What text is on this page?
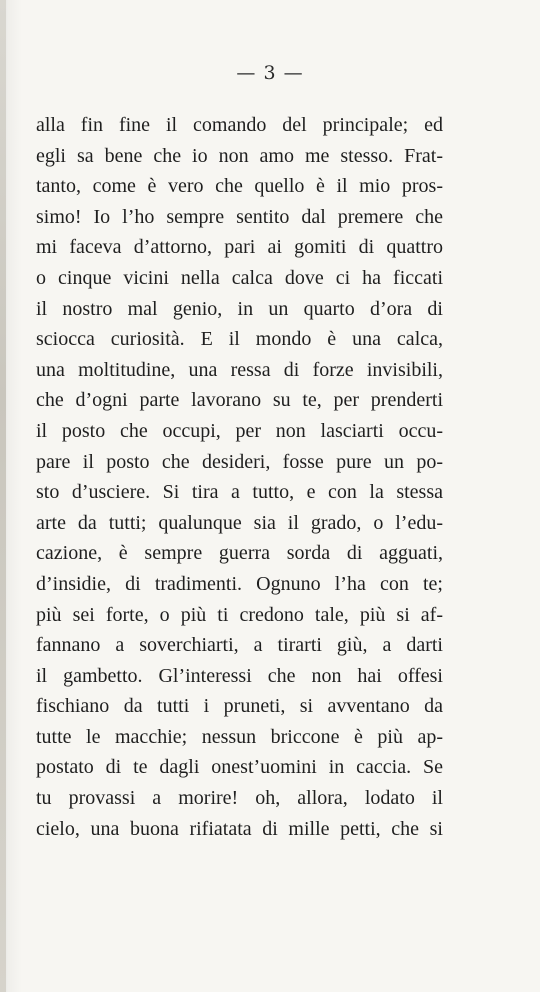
— 3 —
alla fin fine il comando del principale; ed
egli sa bene che io non amo me stesso. Frat-
tanto, come è vero che quello è il mio pros-
simo! Io l’ho sempre sentito dal premere che
mi faceva d’attorno, pari ai gomiti di quattro
o cinque vicini nella calca dove ci ha ficcati
il nostro mal genio, in un quarto d’ora di
sciocca curiosità. E il mondo è una calca,
una moltitudine, una ressa di forze invisibili,
che d’ogni parte lavorano su te, per prenderti
il posto che occupi, per non lasciarti occu-
pare il posto che desideri, fosse pure un po-
sto d’usciere. Si tira a tutto, e con la stessa
arte da tutti; qualunque sia il grado, o l’edu-
cazione, è sempre guerra sorda di agguati,
d’insidie, di tradimenti. Ognuno l’ha con te;
più sei forte, o più ti credono tale, più si af-
fannano a soverchiarti, a tirarti giù, a darti
il gambetto. Gl’interessi che non hai offesi
fischiano da tutti i pruneti, si avventano da
tutte le macchie; nessun briccone è più ap-
postato di te dagli onest’uomini in caccia. Se
tu provassi a morire! oh, allora, lodato il
cielo, una buona rifiatata di mille petti, che si
